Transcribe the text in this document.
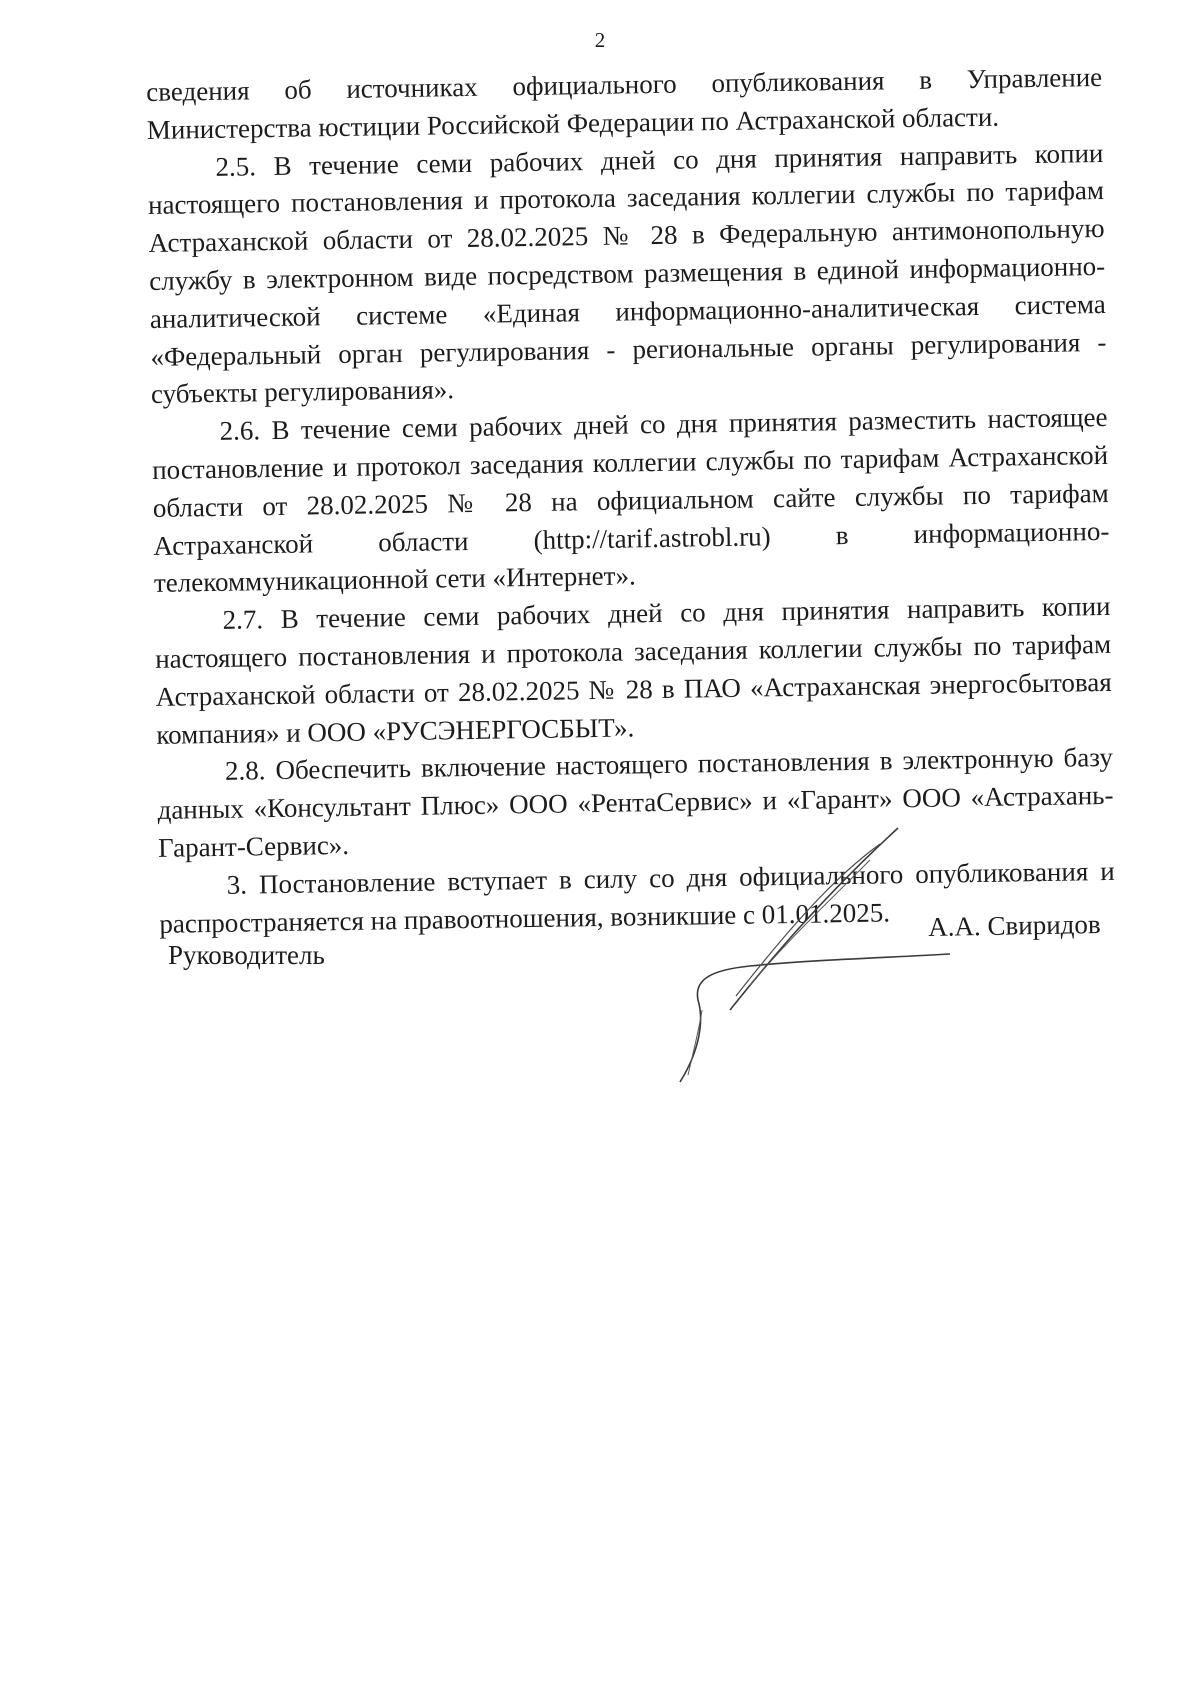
2

сведения об источниках официального опубликования в Управление Министерства юстиции Российской Федерации по Астраханской области.

2.5. В течение семи рабочих дней со дня принятия направить копии настоящего постановления и протокола заседания коллегии службы по тарифам Астраханской области от 28.02.2025 № 28 в Федеральную антимонопольную службу в электронном виде посредством размещения в единой информационно-аналитической системе «Единая информационно-аналитическая система «Федеральный орган регулирования - региональные органы регулирования - субъекты регулирования».

2.6. В течение семи рабочих дней со дня принятия разместить настоящее постановление и протокол заседания коллегии службы по тарифам Астраханской области от 28.02.2025 № 28 на официальном сайте службы по тарифам Астраханской области (http://tarif.astrobl.ru) в информационно-телекоммуникационной сети «Интернет».

2.7. В течение семи рабочих дней со дня принятия направить копии настоящего постановления и протокола заседания коллегии службы по тарифам Астраханской области от 28.02.2025 № 28 в ПАО «Астраханская энергосбытовая компания» и ООО «РУСЭНЕРГОСБЫТ».

2.8. Обеспечить включение настоящего постановления в электронную базу данных «Консультант Плюс» ООО «РентаСервис» и «Гарант» ООО «Астрахань-Гарант-Сервис».

3. Постановление вступает в силу со дня официального опубликования и распространяется на правоотношения, возникшие с 01.01.2025.

Руководитель
А.А. Свиридов
